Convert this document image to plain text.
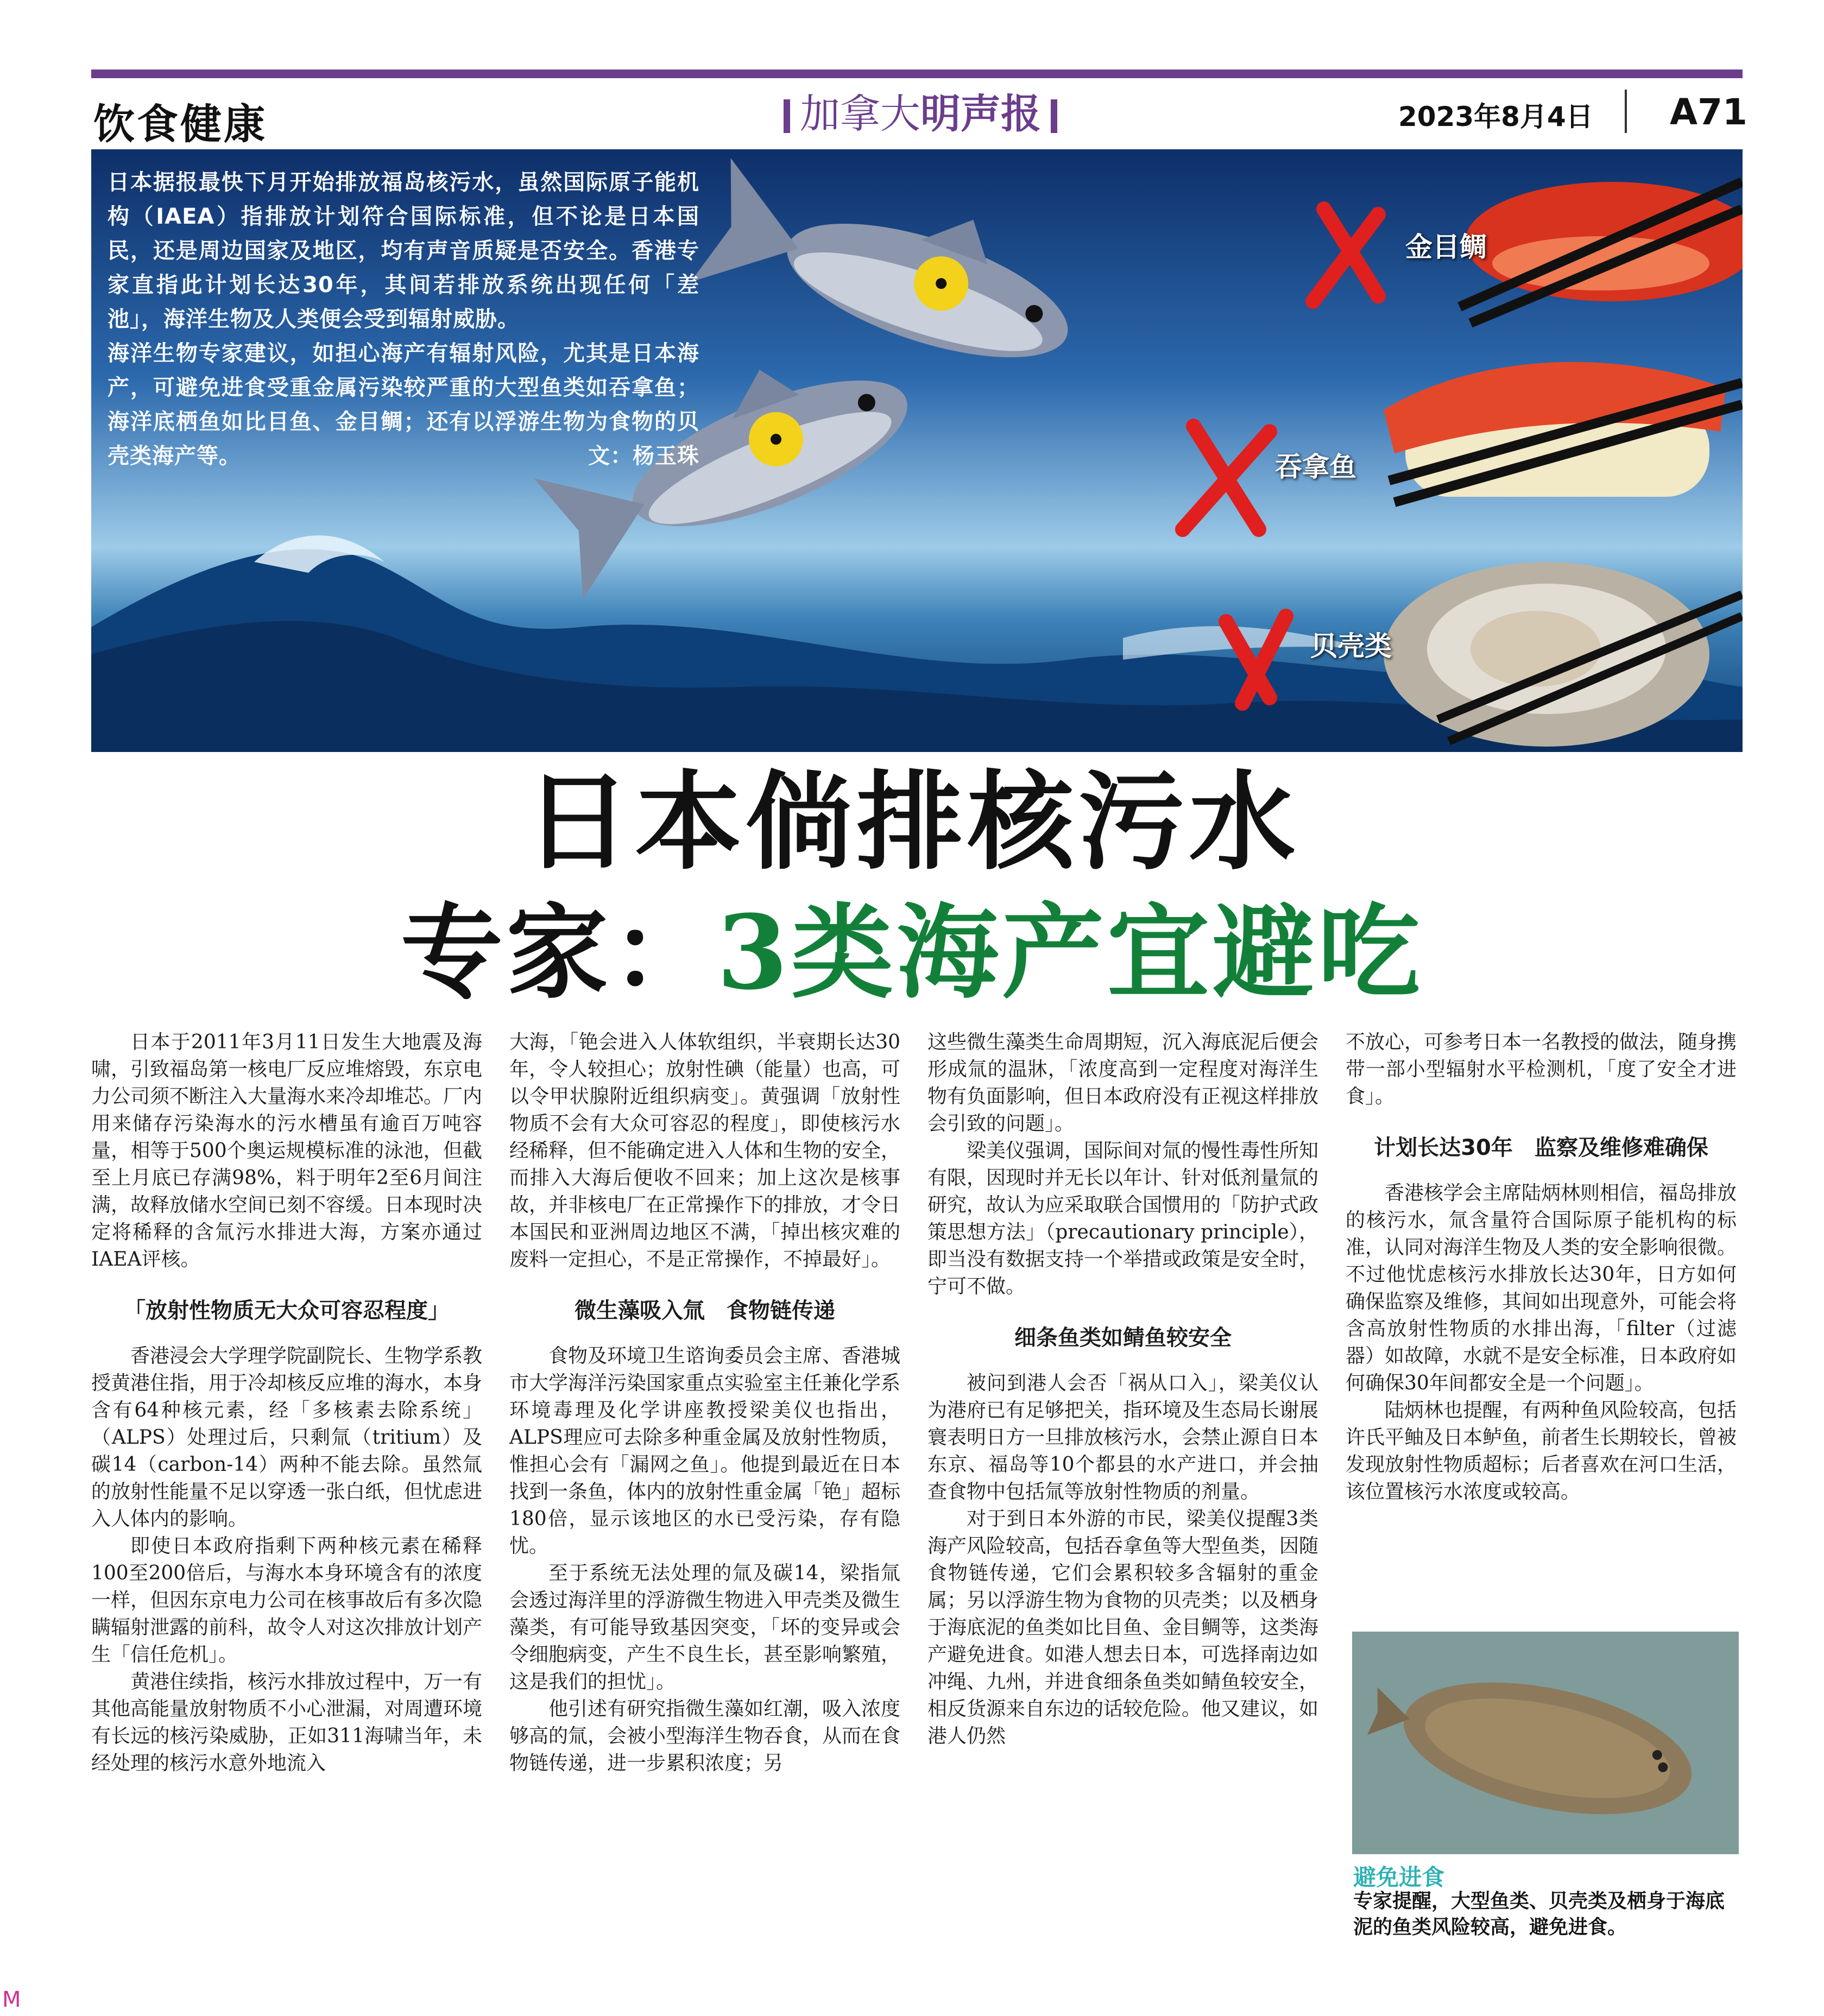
饮食健康	加拿大明声报	2023年8月4日 A71

日本据报最快下月开始排放福岛核污水，虽然国际原子能机构（IAEA）指排放计划符合国际标准，但不论是日本国民，还是周边国家及地区，均有声音质疑是否安全。香港专家直指此计划长达30年，其间若排放系统出现任何「差池」，海洋生物及人类便会受到辐射威胁。

海洋生物专家建议，如担心海产有辐射风险，尤其是日本海产，可避免进食受重金属污染较严重的大型鱼类如吞拿鱼；海洋底栖鱼如比目鱼、金目鲷；还有以浮游生物为食物的贝壳类海产等。	文：杨玉珠

金目鲷
吞拿鱼
贝壳类
日本倘排核污水
专家：3类海产宜避吃

日本于2011年3月11日发生大地震及海啸，引致福岛第一核电厂反应堆熔毁，东京电力公司须不断注入大量海水来冷却堆芯。厂内用来储存污染海水的污水槽虽有逾百万吨容量，相等于500个奥运规模标准的泳池，但截至上月底已存满98%，料于明年2至6月间注满，故释放储水空间已刻不容缓。日本现时决定将稀释的含氚污水排进大海，方案亦通过IAEA评核。

「放射性物质无大众可容忍程度」

香港浸会大学理学院副院长、生物学系教授黄港住指，用于冷却核反应堆的海水，本身含有64种核元素，经「多核素去除系统」（ALPS）处理过后，只剩氚（tritium）及碳14（carbon-14）两种不能去除。虽然氚的放射性能量不足以穿透一张白纸，但忧虑进入人体内的影响。

即使日本政府指剩下两种核元素在稀释100至200倍后，与海水本身环境含有的浓度一样，但因东京电力公司在核事故后有多次隐瞒辐射泄露的前科，故令人对这次排放计划产生「信任危机」。

黄港住续指，核污水排放过程中，万一有其他高能量放射物质不小心泄漏，对周遭环境有长远的核污染威胁，正如311海啸当年，未经处理的核污水意外地流入

大海，「铯会进入人体软组织，半衰期长达30年，令人较担心；放射性碘（能量）也高，可以令甲状腺附近组织病变」。黄强调「放射性物质不会有大众可容忍的程度」，即使核污水经稀释，但不能确定进入人体和生物的安全，而排入大海后便收不回来；加上这次是核事故，并非核电厂在正常操作下的排放，才令日本国民和亚洲周边地区不满，「掉出核灾难的废料一定担心，不是正常操作，不掉最好」。

微生藻吸入氚　食物链传递

食物及环境卫生谘询委员会主席、香港城市大学海洋污染国家重点实验室主任兼化学系环境毒理及化学讲座教授梁美仪也指出，ALPS理应可去除多种重金属及放射性物质，惟担心会有「漏网之鱼」。他提到最近在日本找到一条鱼，体内的放射性重金属「铯」超标180倍，显示该地区的水已受污染，存有隐忧。

至于系统无法处理的氚及碳14，梁指氚会透过海洋里的浮游微生物进入甲壳类及微生藻类，有可能导致基因突变，「坏的变异或会令细胞病变，产生不良生长，甚至影响繁殖，这是我们的担忧」。

他引述有研究指微生藻如红潮，吸入浓度够高的氚，会被小型海洋生物吞食，从而在食物链传递，进一步累积浓度；另

这些微生藻类生命周期短，沉入海底泥后便会形成氚的温牀，「浓度高到一定程度对海洋生物有负面影响，但日本政府没有正视这样排放会引致的问题」。

梁美仪强调，国际间对氚的慢性毒性所知有限，因现时并无长以年计、针对低剂量氚的研究，故认为应采取联合国惯用的「防护式政策思想方法」（precautionary principle），即当没有数据支持一个举措或政策是安全时，宁可不做。

细条鱼类如鲭鱼较安全

被问到港人会否「祸从口入」，梁美仪认为港府已有足够把关，指环境及生态局长谢展寰表明日方一旦排放核污水，会禁止源自日本东京、福岛等10个都县的水产进口，并会抽查食物中包括氚等放射性物质的剂量。

对于到日本外游的市民，梁美仪提醒3类海产风险较高，包括吞拿鱼等大型鱼类，因随食物链传递，它们会累积较多含辐射的重金属；另以浮游生物为食物的贝壳类；以及栖身于海底泥的鱼类如比目鱼、金目鲷等，这类海产避免进食。如港人想去日本，可选择南边如冲绳、九州，并进食细条鱼类如鲭鱼较安全，相反货源来自东边的话较危险。他又建议，如港人仍然

不放心，可参考日本一名教授的做法，随身携带一部小型辐射水平检测机，「度了安全才进食」。

计划长达30年　监察及维修难确保

香港核学会主席陆炳林则相信，福岛排放的核污水，氚含量符合国际原子能机构的标准，认同对海洋生物及人类的安全影响很微。不过他忧虑核污水排放长达30年，日方如何确保监察及维修，其间如出现意外，可能会将含高放射性物质的水排出海，「filter（过滤器）如故障，水就不是安全标准，日本政府如何确保30年间都安全是一个问题」。

陆炳林也提醒，有两种鱼风险较高，包括许氏平鲉及日本鲈鱼，前者生长期较长，曾被发现放射性物质超标；后者喜欢在河口生活，该位置核污水浓度或较高。

避免进食
专家提醒，大型鱼类、贝壳类及栖身于海底泥的鱼类风险较高，避免进食。
M
